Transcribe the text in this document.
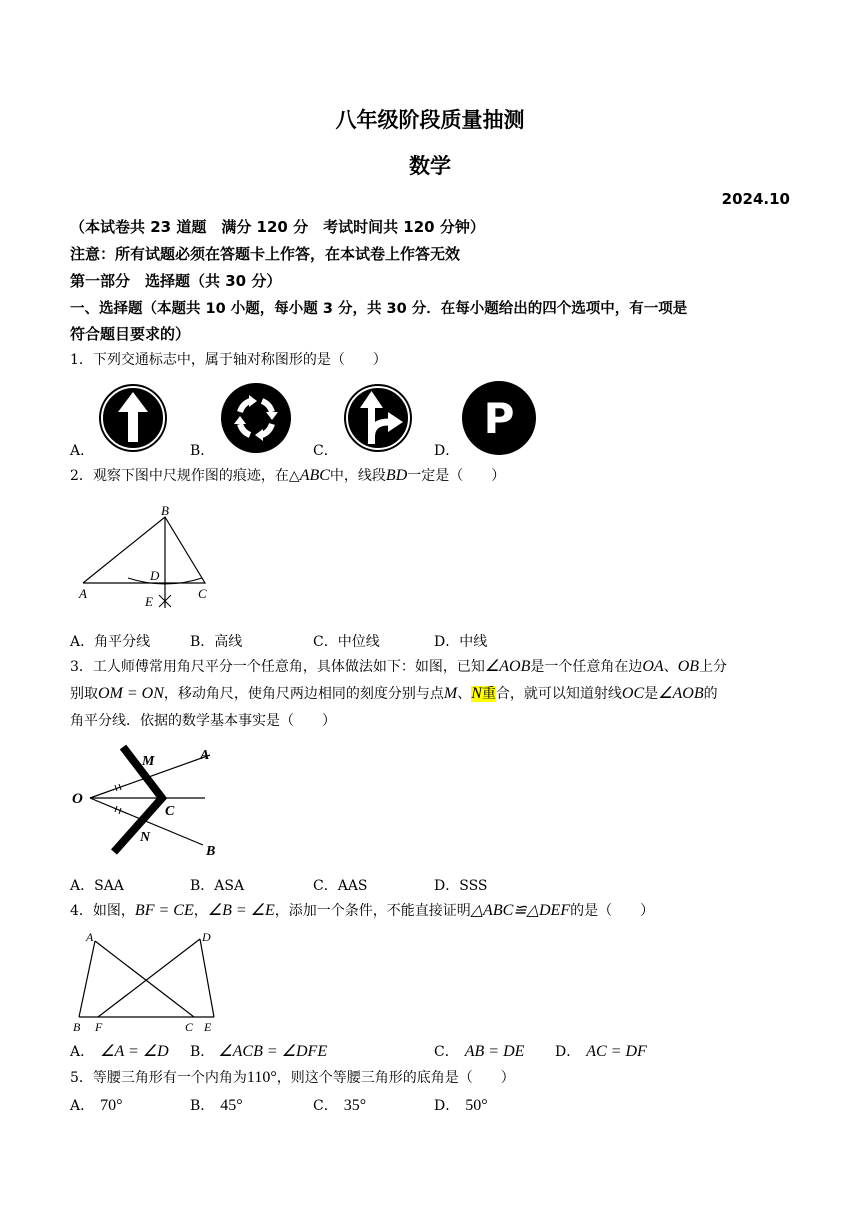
八年级阶段质量抽测
数学
2024.10
（本试卷共 23 道题　满分 120 分　考试时间共 120 分钟）
注意：所有试题必须在答题卡上作答，在本试卷上作答无效
第一部分　选择题（共 30 分）
一、选择题（本题共 10 小题，每小题 3 分，共 30 分．在每小题给出的四个选项中，有一项是
符合题目要求的）
1．下列交通标志中，属于轴对称图形的是（　　）
P
A．	B．	C．	D．
2．观察下图中尺规作图的痕迹，在△ABC中，线段BD一定是（　　）
B
D
A	C
E
A．角平分线	B．高线	C．中位线	D．中线
3．工人师傅常用角尺平分一个任意角，具体做法如下：如图，已知∠AOB是一个任意角在边OA、OB上分
别取OM = ON，移动角尺，使角尺两边相同的刻度分别与点M、N重合，就可以知道射线OC是∠AOB的
角平分线．依据的数学基本事实是（　　）
O
M	A
C
N
B
A．SAA	B．ASA	C．AAS	D．SSS
4．如图，BF = CE，∠B = ∠E，添加一个条件，不能直接证明△ABC≌△DEF的是（　　）
A	D
B F	C E
A． ∠A = ∠D B． ∠ACB = ∠DFE	C． AB = DE D． AC = DF
5．等腰三角形有一个内角为110°，则这个等腰三角形的底角是（　　）
A． 70°	B． 45°	C． 35°	D． 50°
